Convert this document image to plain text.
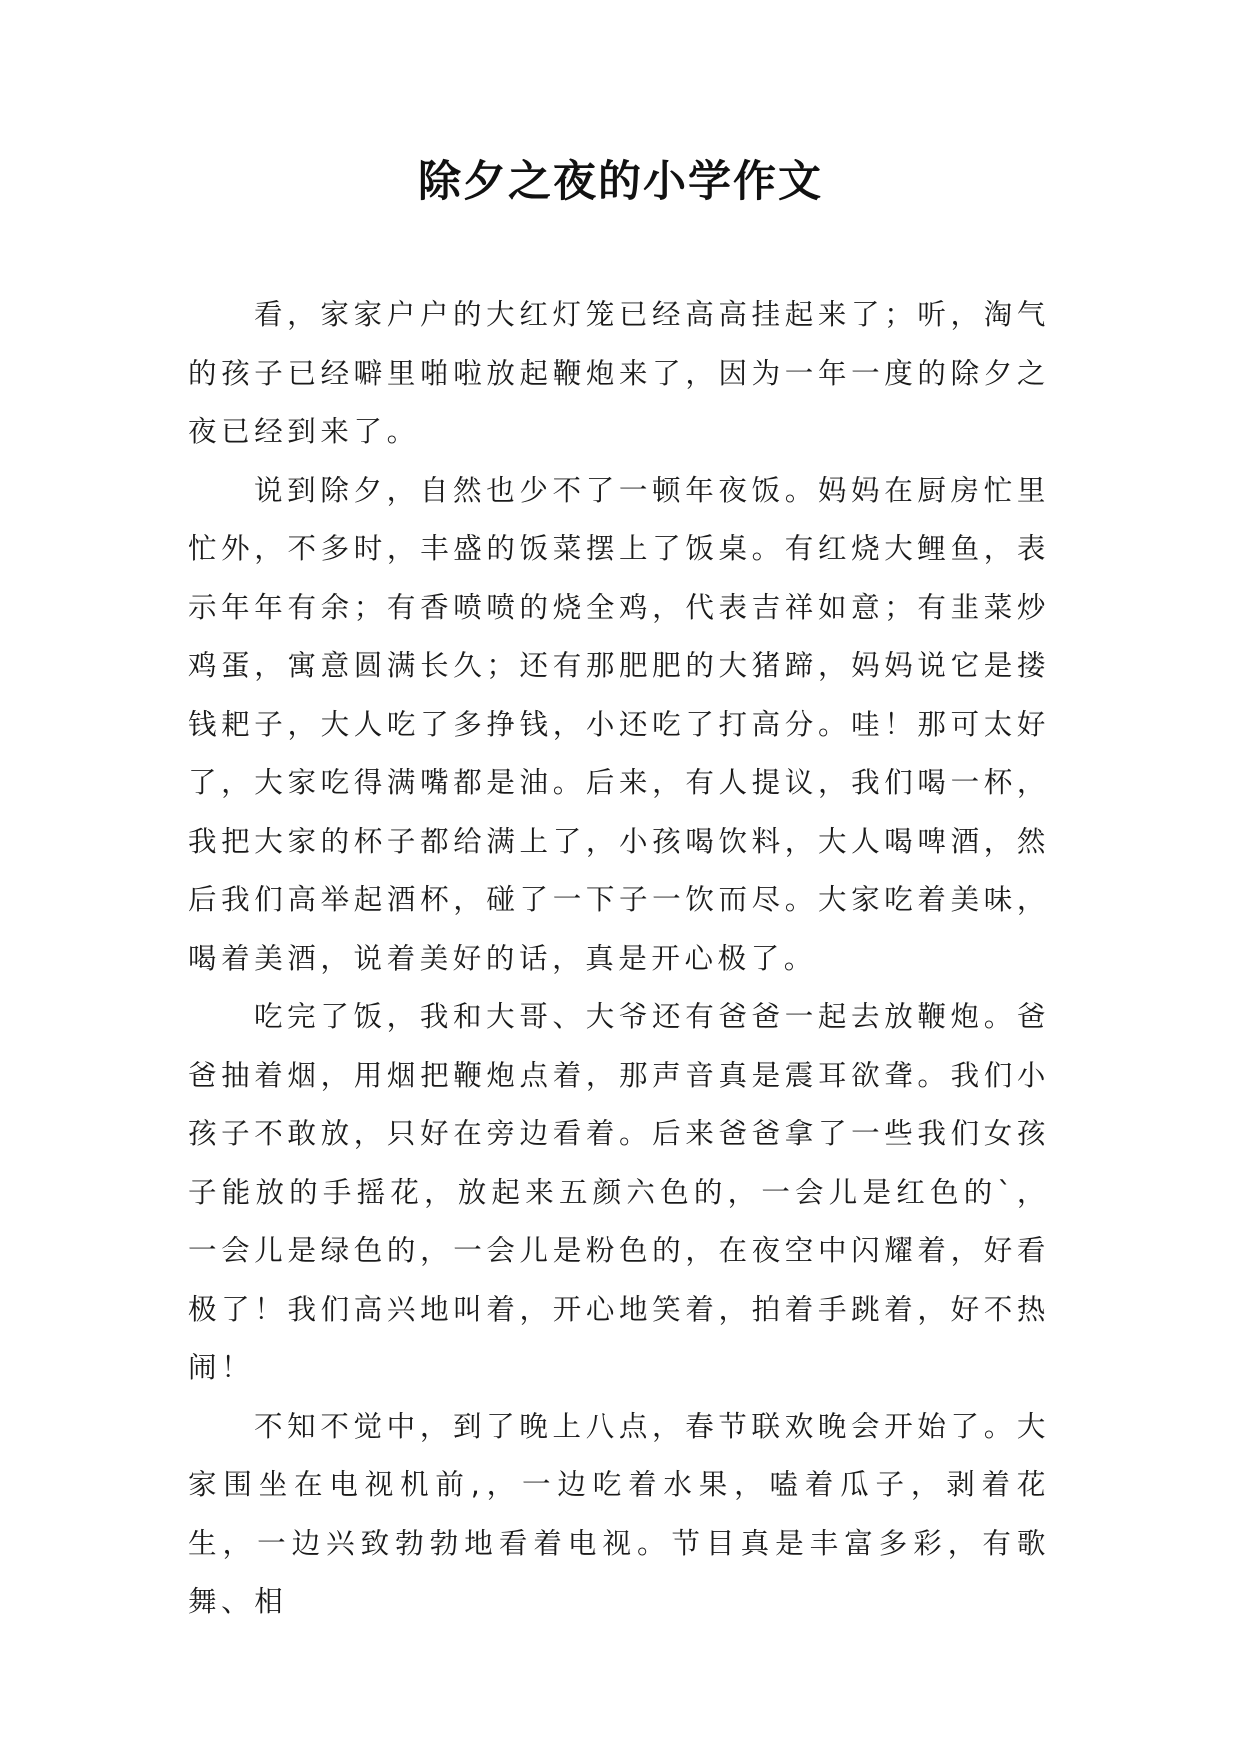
除夕之夜的小学作文

看，家家户户的大红灯笼已经高高挂起来了；听，淘气的孩子已经噼里啪啦放起鞭炮来了，因为一年一度的除夕之夜已经到来了。

说到除夕，自然也少不了一顿年夜饭。妈妈在厨房忙里忙外，不多时，丰盛的饭菜摆上了饭桌。有红烧大鲤鱼，表示年年有余；有香喷喷的烧全鸡，代表吉祥如意；有韭菜炒鸡蛋，寓意圆满长久；还有那肥肥的大猪蹄，妈妈说它是搂钱耙子，大人吃了多挣钱，小还吃了打高分。哇！那可太好了，大家吃得满嘴都是油。后来，有人提议，我们喝一杯，我把大家的杯子都给满上了，小孩喝饮料，大人喝啤酒，然后我们高举起酒杯，碰了一下子一饮而尽。大家吃着美味，喝着美酒，说着美好的话，真是开心极了。

吃完了饭，我和大哥、大爷还有爸爸一起去放鞭炮。爸爸抽着烟，用烟把鞭炮点着，那声音真是震耳欲聋。我们小孩子不敢放，只好在旁边看着。后来爸爸拿了一些我们女孩子能放的手摇花，放起来五颜六色的，一会儿是红色的`，一会儿是绿色的，一会儿是粉色的，在夜空中闪耀着，好看极了！我们高兴地叫着，开心地笑着，拍着手跳着，好不热闹！

不知不觉中，到了晚上八点，春节联欢晚会开始了。大家围坐在电视机前,，一边吃着水果，嗑着瓜子，剥着花生，一边兴致勃勃地看着电视。节目真是丰富多彩，有歌舞、相
